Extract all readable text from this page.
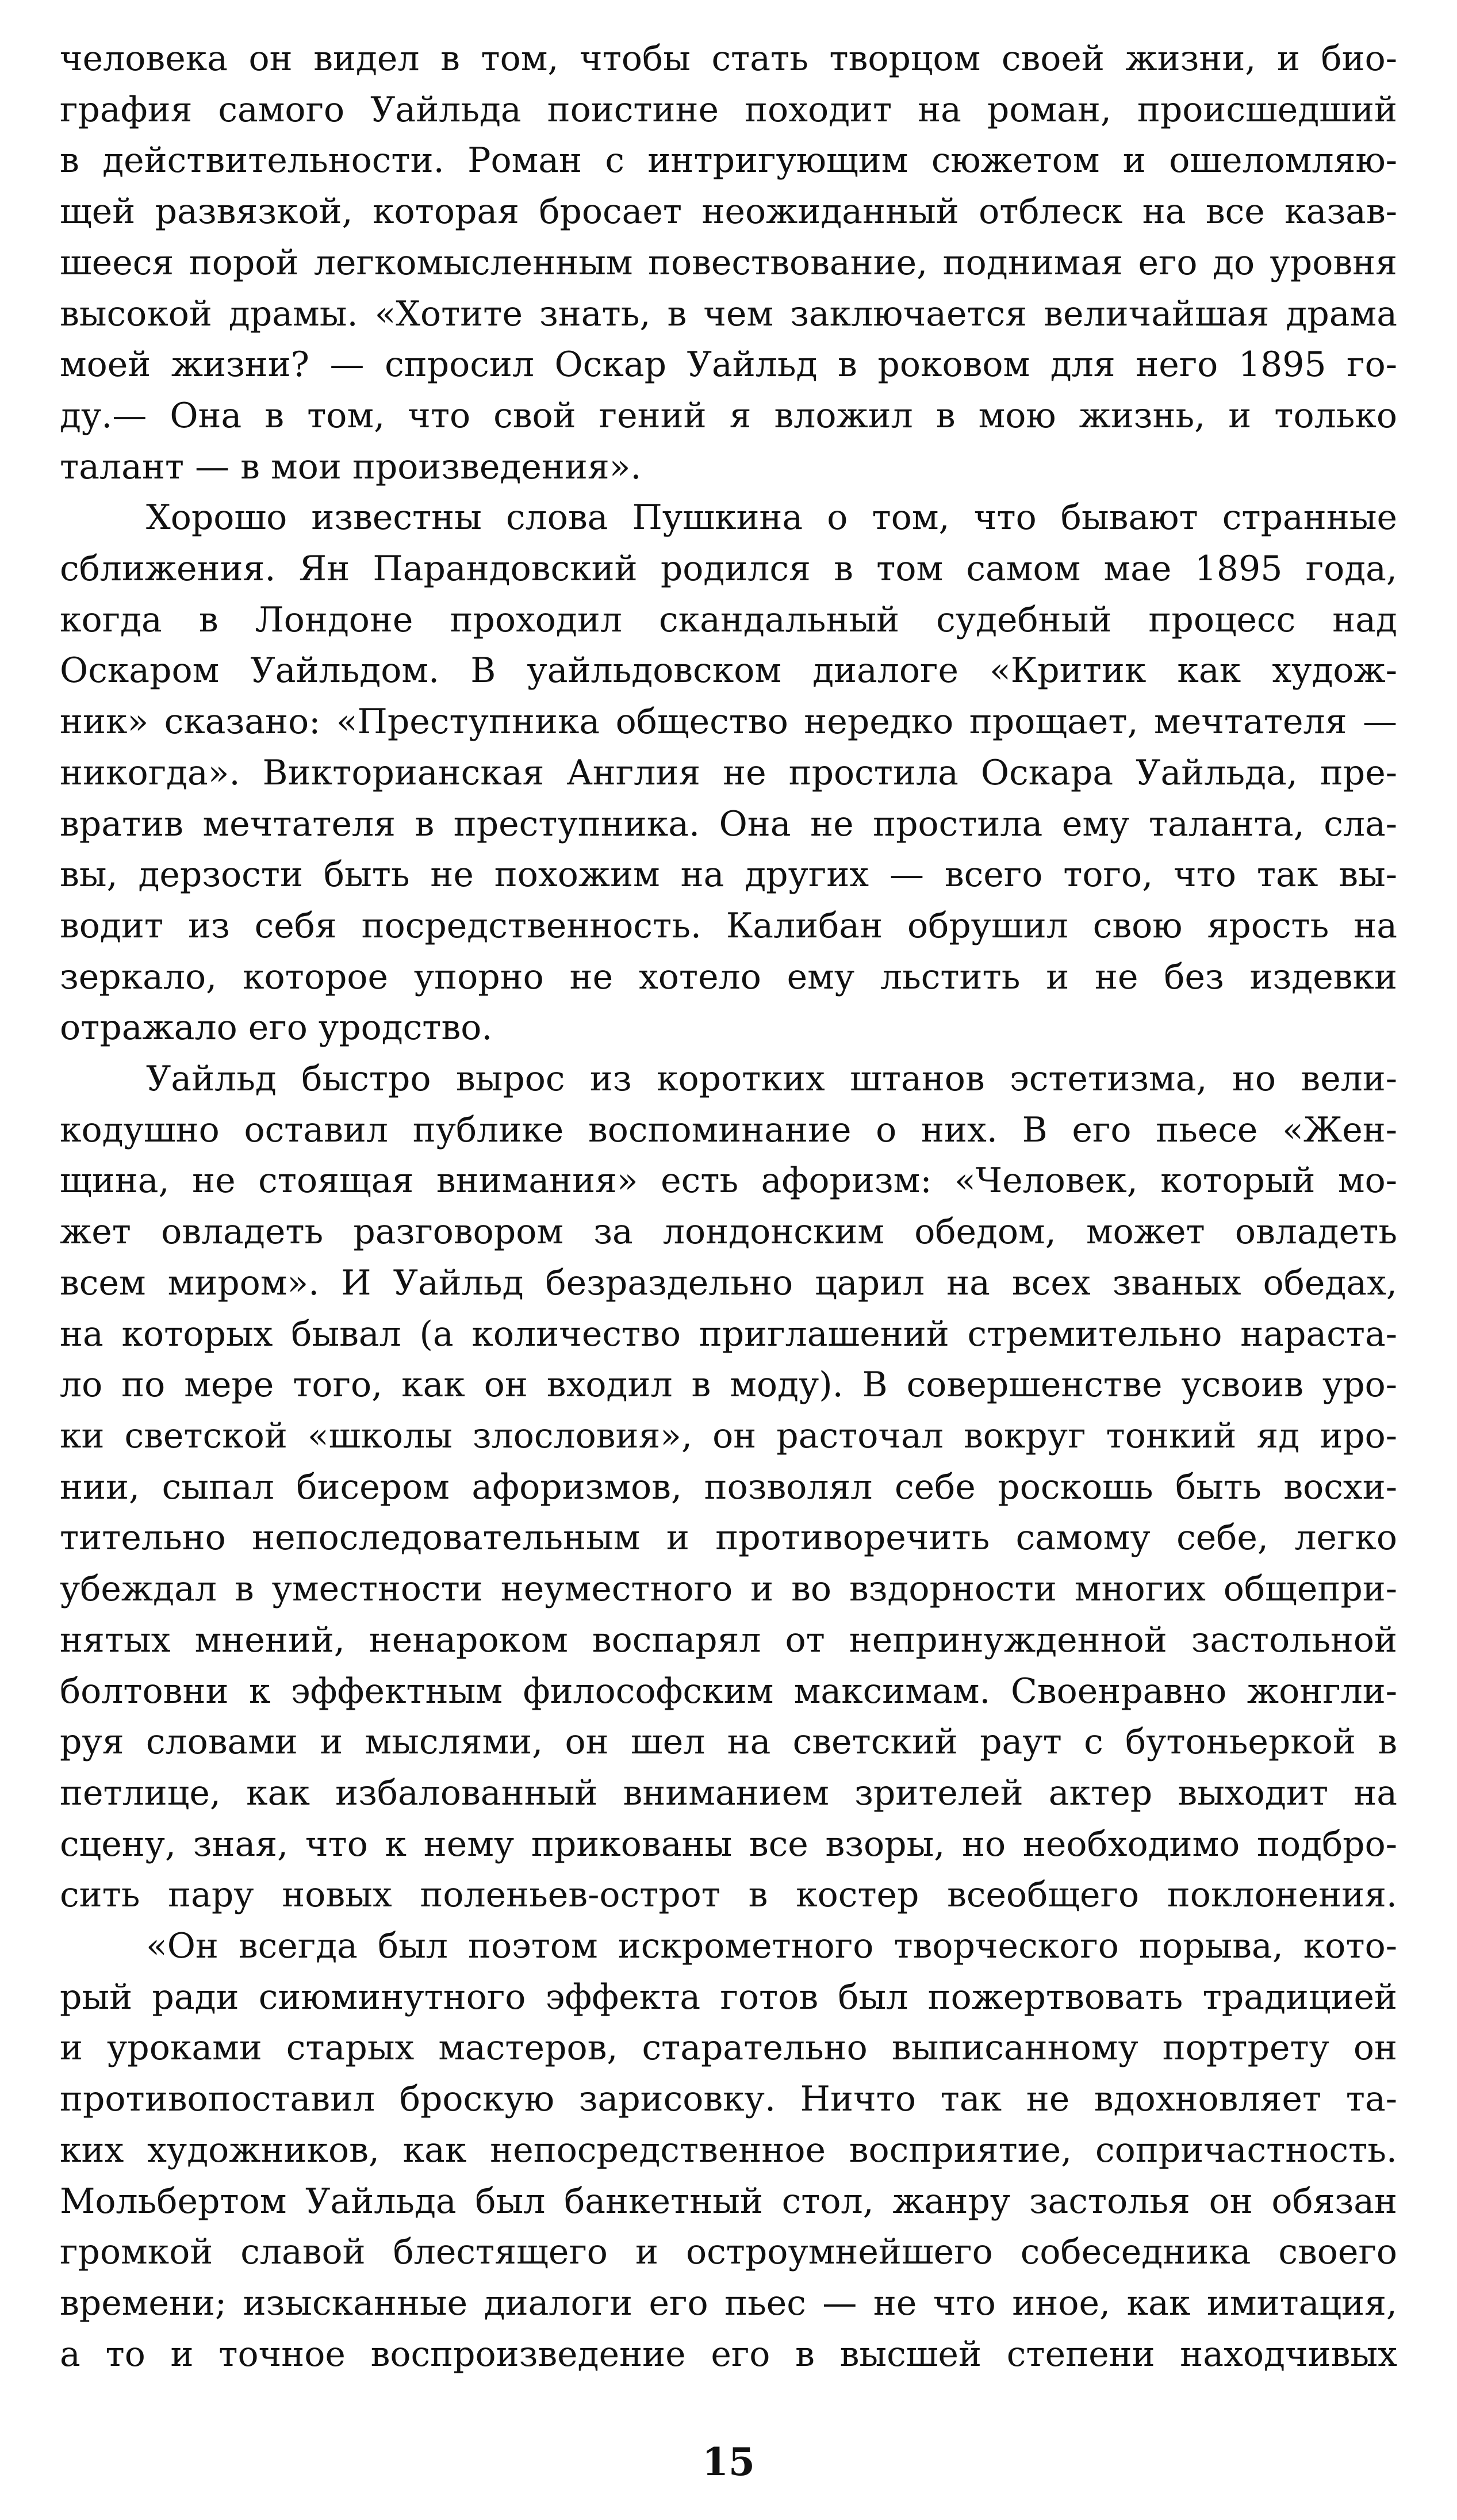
человека он видел в том, чтобы стать творцом своей жизни, и био-
графия самого Уайльда поистине походит на роман, происшедший
в действительности. Роман с интригующим сюжетом и ошеломляю-
щей развязкой, которая бросает неожиданный отблеск на все казав-
шееся порой легкомысленным повествование, поднимая его до уровня
высокой драмы. «Хотите знать, в чем заключается величайшая драма
моей жизни? — спросил Оскар Уайльд в роковом для него 1895 го-
ду.— Она в том, что свой гений я вложил в мою жизнь, и только
талант — в мои произведения».
Хорошо известны слова Пушкина о том, что бывают странные
сближения. Ян Парандовский родился в том самом мае 1895 года,
когда в Лондоне проходил скандальный судебный процесс над
Оскаром Уайльдом. В уайльдовском диалоге «Критик как худож-
ник» сказано: «Преступника общество нередко прощает, мечтателя —
никогда». Викторианская Англия не простила Оскара Уайльда, пре-
вратив мечтателя в преступника. Она не простила ему таланта, сла-
вы, дерзости быть не похожим на других — всего того, что так вы-
водит из себя посредственность. Калибан обрушил свою ярость на
зеркало, которое упорно не хотело ему льстить и не без издевки
отражало его уродство.
Уайльд быстро вырос из коротких штанов эстетизма, но вели-
кодушно оставил публике воспоминание о них. В его пьесе «Жен-
щина, не стоящая внимания» есть афоризм: «Человек, который мо-
жет овладеть разговором за лондонским обедом, может овладеть
всем миром». И Уайльд безраздельно царил на всех званых обедах,
на которых бывал (а количество приглашений стремительно нараста-
ло по мере того, как он входил в моду). В совершенстве усвоив уро-
ки светской «школы злословия», он расточал вокруг тонкий яд иро-
нии, сыпал бисером афоризмов, позволял себе роскошь быть восхи-
тительно непоследовательным и противоречить самому себе, легко
убеждал в уместности неуместного и во вздорности многих общепри-
нятых мнений, ненароком воспарял от непринужденной застольной
болтовни к эффектным философским максимам. Своенравно жонгли-
руя словами и мыслями, он шел на светский раут с бутоньеркой в
петлице, как избалованный вниманием зрителей актер выходит на
сцену, зная, что к нему прикованы все взоры, но необходимо подбро-
сить пару новых поленьев-острот в костер всеобщего поклонения.
«Он всегда был поэтом искрометного творческого порыва, кото-
рый ради сиюминутного эффекта готов был пожертвовать традицией
и уроками старых мастеров, старательно выписанному портрету он
противопоставил броскую зарисовку. Ничто так не вдохновляет та-
ких художников, как непосредственное восприятие, сопричастность.
Мольбертом Уайльда был банкетный стол, жанру застолья он обязан
громкой славой блестящего и остроумнейшего собеседника своего
времени; изысканные диалоги его пьес — не что иное, как имитация,
а то и точное воспроизведение его в высшей степени находчивых
15
